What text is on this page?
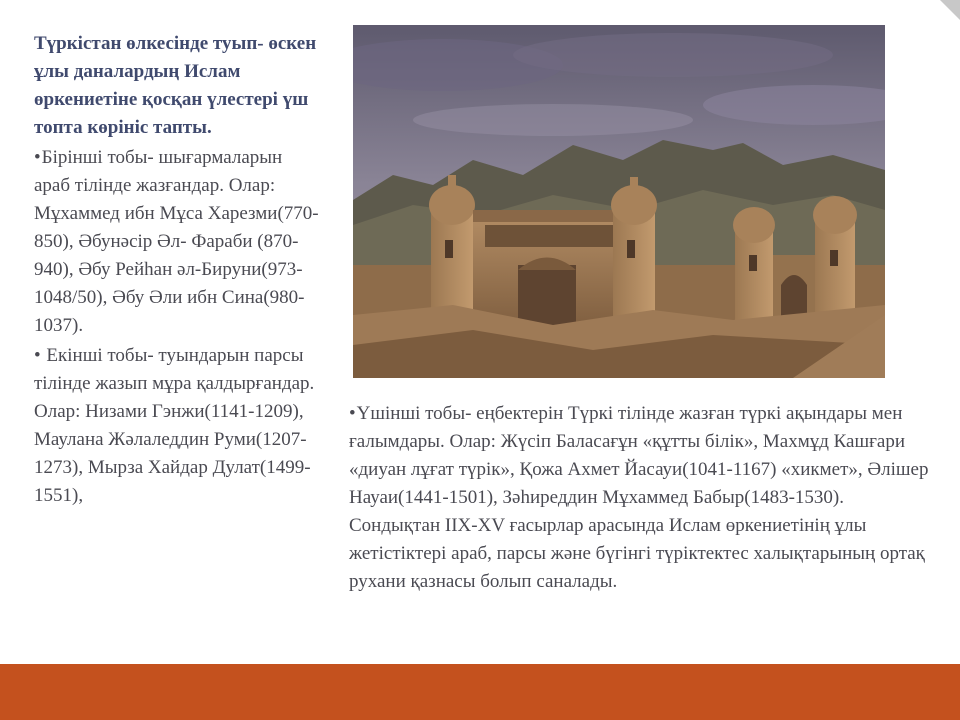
Түркістан өлкесінде туып- өскен ұлы даналардың Ислам өркениетіне қосқан үлестері үш топта көрініс тапты.

•Бірінші тобы- шығармаларын араб тілінде жазғандар. Олар: Мұхаммед ибн Мұса Харезми(770-850), Әбунәсір Әл- Фараби (870-940), Әбу Рейһан әл-Бируни(973-1048/50), Әбу Әли ибн Сина(980-1037).

• Екінші тобы- туындарын парсы тілінде жазып мұра қалдырғандар. Олар: Низами Гэнжи(1141-1209), Маулана Жәлаледдин Руми(1207-1273), Мырза Хайдар Дулат(1499-1551),

•Үшінші тобы- еңбектерін Түркі тілінде жазған түркі ақындары мен ғалымдары. Олар: Жүсіп Баласағұн «құтты білік», Махмұд Кашғари «диуан лұғат түрік», Қожа Ахмет Йасауи(1041-1167) «хикмет», Әлішер Науаи(1441-1501), Зәһиреддин Мұхаммед Бабыр(1483-1530). Сондықтан IIХ-ХV ғасырлар арасында Ислам өркениетінің ұлы жетістіктері араб, парсы және бүгінгі түріктектес халықтарының ортақ рухани қазнасы болып саналады.
